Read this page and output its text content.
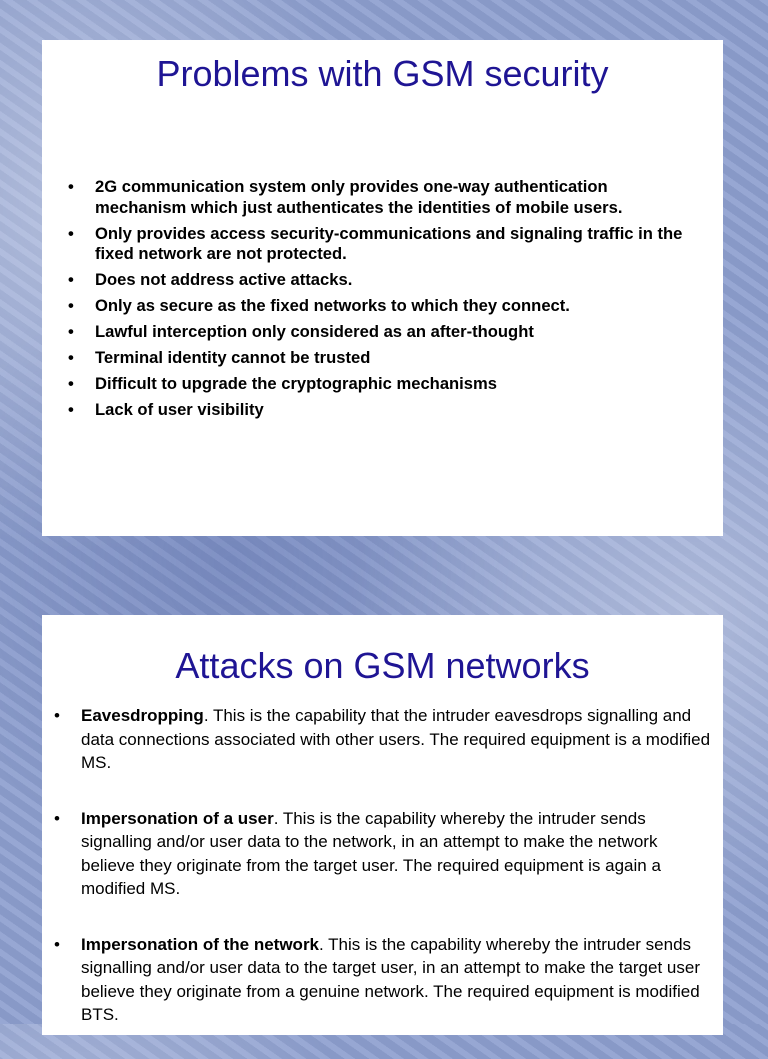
Problems with GSM security
• 2G communication system only provides one-way authentication mechanism which just authenticates the identities of mobile users.
• Only provides access security-communications and signaling traffic in the fixed network are not protected.
• Does not address active attacks.
• Only as secure as the fixed networks to which they connect.
• Lawful interception only considered as an after-thought
• Terminal identity cannot be trusted
• Difficult to upgrade the cryptographic mechanisms
• Lack of user visibility
Attacks on GSM networks
• Eavesdropping. This is the capability that the intruder eavesdrops signalling and data connections associated with other users. The required equipment is a modified MS.
• Impersonation of a user. This is the capability whereby the intruder sends signalling and/or user data to the network, in an attempt to make the network believe they originate from the target user. The required equipment is again a modified MS.
• Impersonation of the network. This is the capability whereby the intruder sends signalling and/or user data to the target user, in an attempt to make the target user believe they originate from a genuine network. The required equipment is modified BTS.
